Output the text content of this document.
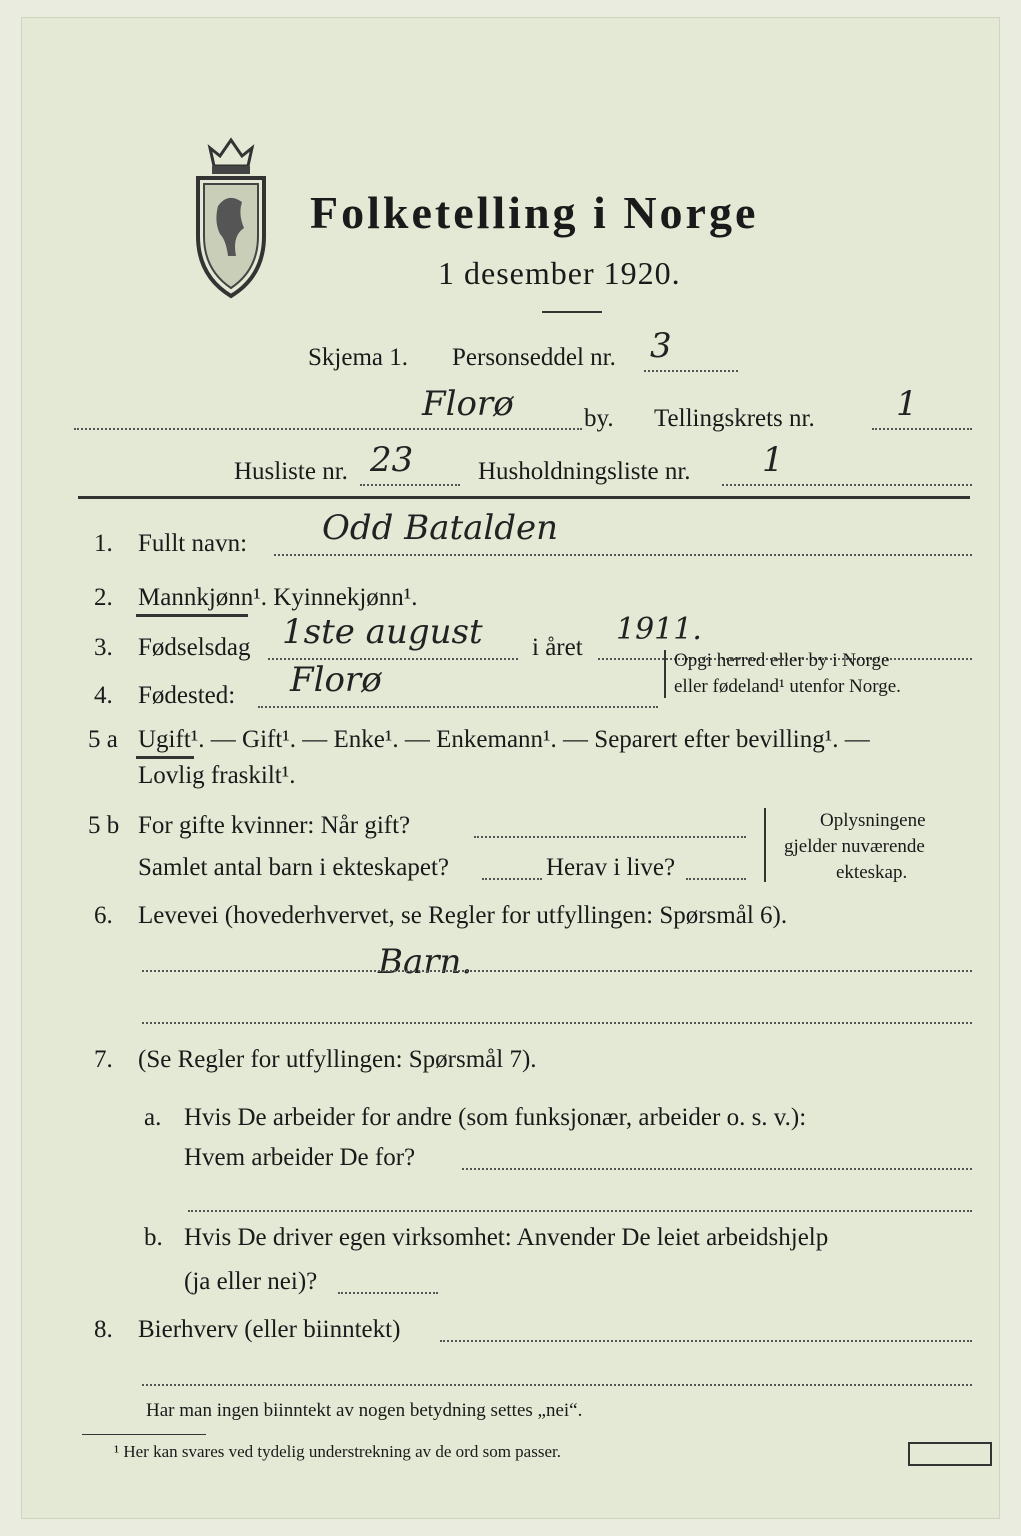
Folketelling i Norge
1 desember 1920.
Skjema 1. Personseddel nr. 3
Florø	by. Tellingskrets nr. 1
Husliste nr. 23	Husholdningsliste nr. 1
1. Fullt navn: Odd Batalden
2. Mannkjønn¹. Kyinnekjønn¹.
3. Fødselsdag 1ste august i året
1911.
4. Fødested: Florø	Opgi herred eller by i Norge
eller fødeland¹ utenfor Norge.
5 a Ugift¹. — Gift¹. — Enke¹. — Enkemann¹. — Separert efter bevilling¹. —
Lovlig fraskilt¹.
5 b For gifte kvinner: Når gift?
Samlet antal barn i ekteskapet?	Herav i live?
Oplysningene
gjelder nuværende
ekteskap.
6. Levevei (hovederhvervet, se Regler for utfyllingen: Spørsmål 6).
Barn.
7. (Se Regler for utfyllingen: Spørsmål 7).
a. Hvis De arbeider for andre (som funksjonær, arbeider o. s. v.):
Hvem arbeider De for?
b. Hvis De driver egen virksomhet: Anvender De leiet arbeidshjelp
(ja eller nei)?
8. Bierhverv (eller biinntekt)
Har man ingen biinntekt av nogen betydning settes „nei“.
¹ Her kan svares ved tydelig understrekning av de ord som passer.
